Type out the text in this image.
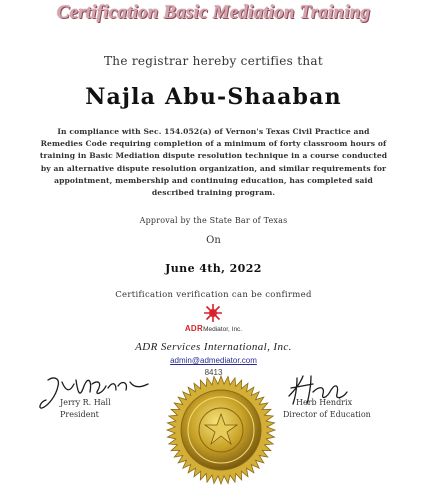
Certification Basic Mediation Training
The registrar hereby certifies that
Najla Abu-Shaaban
In compliance with Sec. 154.052(a) of Vernon's Texas Civil Practice and
Remedies Code requiring completion of a minimum of forty classroom hours of
training in Basic Mediation dispute resolution technique in a course conducted
by an alternative dispute resolution organization, and similar requirements for
appointment, membership and continuing education, has completed said
described training program.
Approval by the State Bar of Texas
On
June 4th, 2022
Certification verification can be confirmed
ADRMediator, Inc.
ADR Services International, Inc.
admin@admediator.com
8413
Jerry R. Hall
President
Herb Hendrix
Director of Education
